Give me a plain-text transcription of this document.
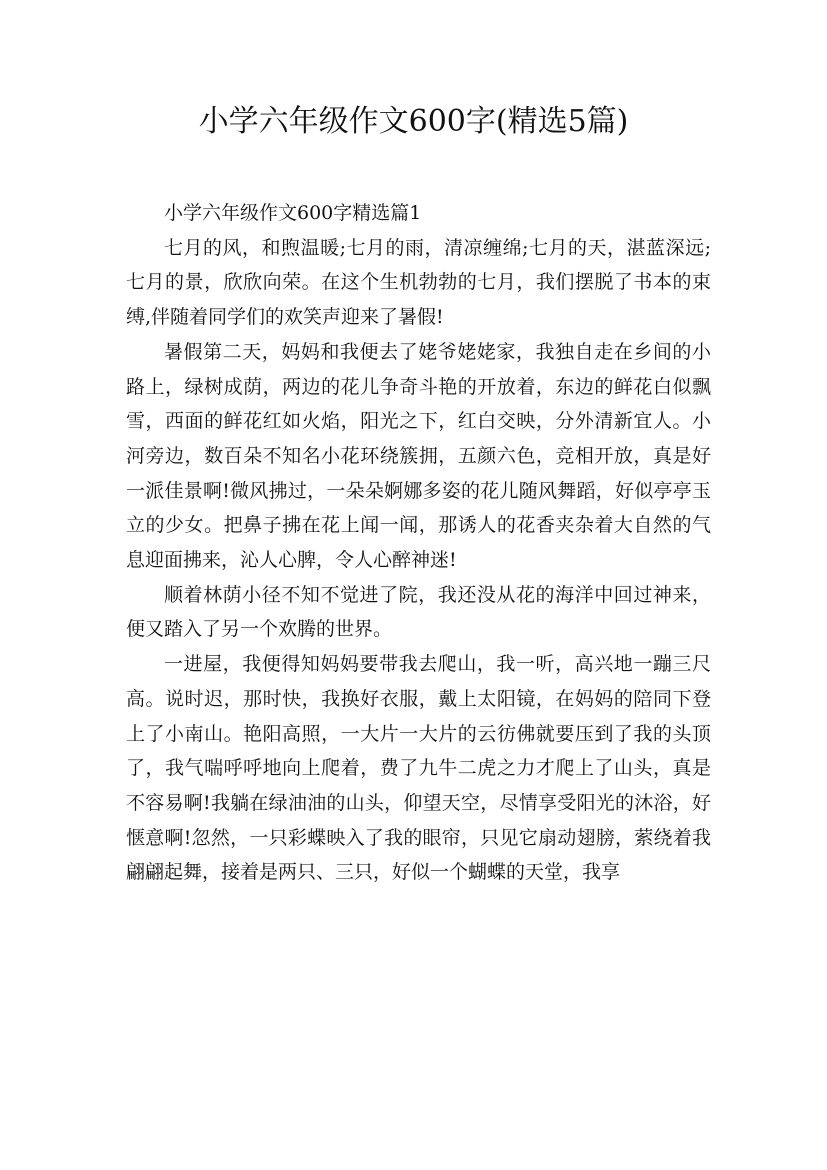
小学六年级作文600字(精选5篇)

小学六年级作文600字精选篇1

七月的风，和煦温暖;七月的雨，清凉缠绵;七月的天，湛蓝深远;七月的景，欣欣向荣。在这个生机勃勃的七月，我们摆脱了书本的束缚,伴随着同学们的欢笑声迎来了暑假!

暑假第二天，妈妈和我便去了姥爷姥姥家，我独自走在乡间的小路上，绿树成荫，两边的花儿争奇斗艳的开放着，东边的鲜花白似飘雪，西面的鲜花红如火焰，阳光之下，红白交映，分外清新宜人。小河旁边，数百朵不知名小花环绕簇拥，五颜六色，竞相开放，真是好一派佳景啊!微风拂过，一朵朵婀娜多姿的花儿随风舞蹈，好似亭亭玉立的少女。把鼻子拂在花上闻一闻，那诱人的花香夹杂着大自然的气息迎面拂来，沁人心脾，令人心醉神迷!

顺着林荫小径不知不觉进了院，我还没从花的海洋中回过神来，便又踏入了另一个欢腾的世界。

一进屋，我便得知妈妈要带我去爬山，我一听，高兴地一蹦三尺高。说时迟，那时快，我换好衣服，戴上太阳镜，在妈妈的陪同下登上了小南山。艳阳高照，一大片一大片的云彷佛就要压到了我的头顶了，我气喘呼呼地向上爬着，费了九牛二虎之力才爬上了山头，真是不容易啊!我躺在绿油油的山头，仰望天空，尽情享受阳光的沐浴，好惬意啊!忽然，一只彩蝶映入了我的眼帘，只见它扇动翅膀，萦绕着我翩翩起舞，接着是两只、三只，好似一个蝴蝶的天堂，我享
